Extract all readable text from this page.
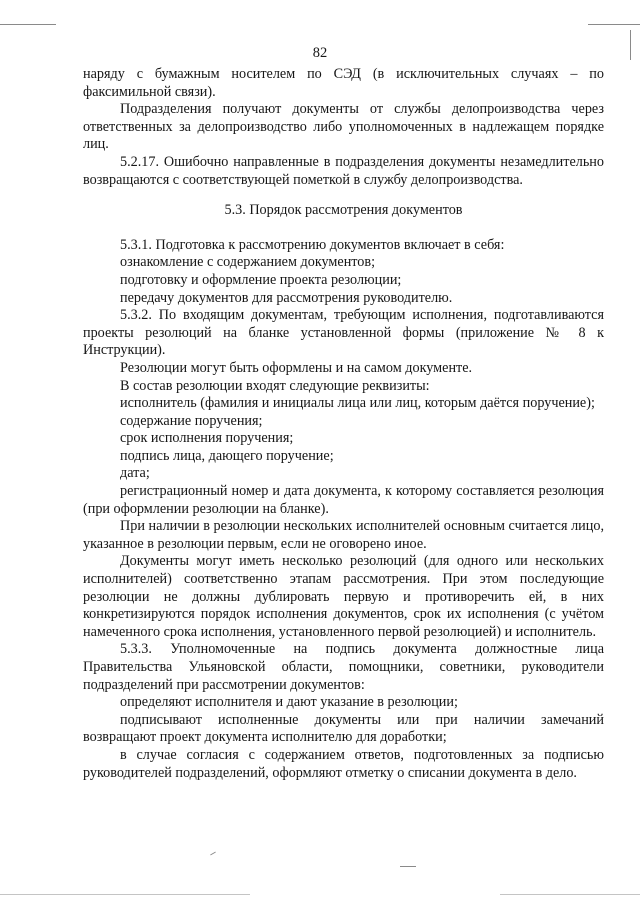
82

наряду с бумажным носителем по СЭД (в исключительных случаях – по факсимильной связи).

Подразделения получают документы от службы делопроизводства через ответственных за делопроизводство либо уполномоченных в надлежащем порядке лиц.

5.2.17. Ошибочно направленные в подразделения документы незамедлительно возвращаются с соответствующей пометкой в службу делопроизводства.

5.3. Порядок рассмотрения документов

5.3.1. Подготовка к рассмотрению документов включает в себя:

ознакомление с содержанием документов;

подготовку и оформление проекта резолюции;

передачу документов для рассмотрения руководителю.

5.3.2. По входящим документам, требующим исполнения, подготавливаются проекты резолюций на бланке установленной формы (приложение № 8 к Инструкции).

Резолюции могут быть оформлены и на самом документе.

В состав резолюции входят следующие реквизиты:

исполнитель (фамилия и инициалы лица или лиц, которым даётся поручение);

содержание поручения;

срок исполнения поручения;

подпись лица, дающего поручение;

дата;

регистрационный номер и дата документа, к которому составляется резолюция (при оформлении резолюции на бланке).

При наличии в резолюции нескольких исполнителей основным считается лицо, указанное в резолюции первым, если не оговорено иное.

Документы могут иметь несколько резолюций (для одного или нескольких исполнителей) соответственно этапам рассмотрения. При этом последующие резолюции не должны дублировать первую и противоречить ей, в них конкретизируются порядок исполнения документов, срок их исполнения (с учётом намеченного срока исполнения, установленного первой резолюцией) и исполнитель.

5.3.3. Уполномоченные на подпись документа должностные лица Правительства Ульяновской области, помощники, советники, руководители подразделений при рассмотрении документов:

определяют исполнителя и дают указание в резолюции;

подписывают исполненные документы или при наличии замечаний возвращают проект документа исполнителю для доработки;

в случае согласия с содержанием ответов, подготовленных за подписью руководителей подразделений, оформляют отметку о списании документа в дело.
